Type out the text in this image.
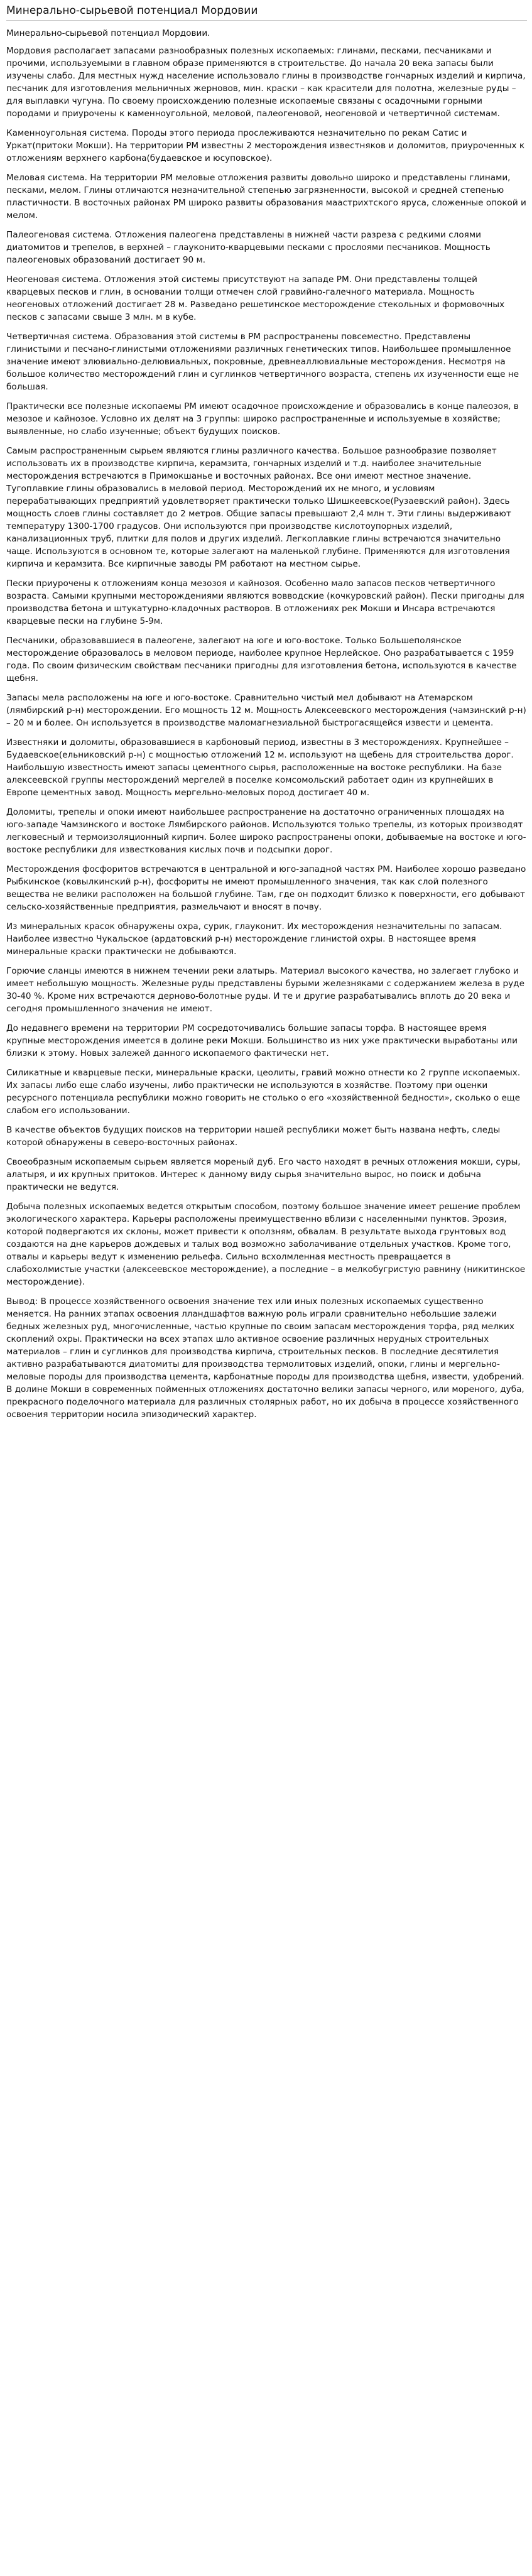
Минерально-сырьевой потенциал Мордовии
Минерально-сырьевой потенциал Мордовии.

Мордовия располагает запасами разнообразных полезных ископаемых: глинами, песками, песчаниками и прочими, используемыми в главном образе применяются в строительстве. До начала 20 века запасы были изучены слабо. Для местных нужд население использовало глины в производстве гончарных изделий и кирпича, песчаник для изготовления мельничных жерновов, мин. краски – как красители для полотна, железные руды – для выплавки чугуна. По своему происхождению полезные ископаемые связаны с осадочными горными породами и приурочены к каменноугольной, меловой, палеогеновой, неогеновой и четвертичной системам.

Каменноугольная система. Породы этого периода прослеживаются незначительно по рекам Сатис и Уркат(притоки Мокши). На территории РМ известны 2 месторождения известняков и доломитов, приуроченных к отложениям верхнего карбона(будаевское и юсуповское).

Меловая система. На территории РМ меловые отложения развиты довольно широко и представлены глинами, песками, мелом. Глины отличаются незначительной степенью загрязненности, высокой и средней степенью пластичности. В восточных районах РМ широко развиты образования маастрихтского яруса, сложенные опокой и мелом.

Палеогеновая система. Отложения палеогена представлены в нижней части разреза с редкими слоями диатомитов и трепелов, в верхней – глауконито-кварцевыми песками с прослоями песчаников. Мощность палеогеновых образований достигает 90 м.

Неогеновая система. Отложения этой системы присутствуют на западе РМ. Они представлены толщей кварцевых песков и глин, в основании толщи отмечен слой гравийно-галечного материала. Мощность неогеновых отложений достигает 28 м. Разведано решетинское месторождение стекольных и формовочных песков с запасами свыше 3 млн. м в кубе.

Четвертичная система. Образования этой системы в РМ распространены повсеместно. Представлены глинистыми и песчано-глинистыми отложениями различных генетических типов. Наибольшее промышленное значение имеют элювиально-делювиальных, покровные, древнеаллювиальные месторождения. Несмотря на большое количество месторождений глин и суглинков четвертичного возраста, степень их изученности еще не большая.

Практически все полезные ископаемы РМ имеют осадочное происхождение и образовались в конце палеозоя, в мезозое и кайнозое. Условно их делят на 3 группы: широко распространенные и используемые в хозяйстве; выявленные, но слабо изученные; объект будущих поисков.

Самым распространенным сырьем являются глины различного качества. Большое разнообразие позволяет использовать их в производстве кирпича, керамзита, гончарных изделий и т.д. наиболее значительные месторождения встречаются в Примокшанье и восточных районах. Все они имеют местное значение. Тугоплавкие глины образовались в меловой период. Месторождений их не много, и условиям перерабатывающих предприятий удовлетворяет практически только Шишкеевское(Рузаевский район). Здесь мощность слоев глины составляет до 2 метров. Общие запасы превышают 2,4 млн т. Эти глины выдерживают температуру 1300-1700 градусов. Они используются при производстве кислотоупорных изделий, канализационных труб, плитки для полов и других изделий. Легкоплавкие глины встречаются значительно чаще. Используются в основном те, которые залегают на маленькой глубине. Применяются для изготовления кирпича и керамзита. Все кирпичные заводы РМ работают на местном сырье.

Пески приурочены к отложениям конца мезозоя и кайнозоя. Особенно мало запасов песков четвертичного возраста. Самыми крупными месторождениями являются вовводские (кочкуровский район). Пески пригодны для производства бетона и штукатурно-кладочных растворов. В отложениях рек Мокши и Инсара встречаются кварцевые пески на глубине 5-9м.

Песчаники, образовавшиеся в палеогене, залегают на юге и юго-востоке. Только Большеполянское месторождение образовалось в меловом периоде, наиболее крупное Нерлейское. Оно разрабатывается с 1959 года. По своим физическим свойствам песчаники пригодны для изготовления бетона, используются в качестве щебня.

Запасы мела расположены на юге и юго-востоке. Сравнительно чистый мел добывают на Атемарском (лямбирский р-н) месторождении. Его мощность 12 м. Мощность Алексеевского месторождения (чамзинский р-н) – 20 м и более. Он используется в производстве маломагнезиальной быстрогасящейся извести и цемента.

Известняки и доломиты, образовавшиеся в карбоновый период, известны в 3 месторождениях. Крупнейшее – Будаевское(ельниковский р-н) с мощностью отложений 12 м. используют на щебень для строительства дорог. Наибольшую известность имеют запасы цементного сырья, расположенные на востоке республики. На базе алексеевской группы месторождений мергелей в поселке комсомольский работает один из крупнейших в Европе цементных завод. Мощность мергельно-меловых пород достигает 40 м.

Доломиты, трепелы и опоки имеют наибольшее распространение на достаточно ограниченных площадях на юго-западе Чамзинского и востоке Лямбирского районов. Используются только трепелы, из которых производят легковесный и термоизоляционный кирпич. Более широко распространены опоки, добываемые на востоке и юго-востоке республики для известкования кислых почв и подсыпки дорог.

Месторождения фосфоритов встречаются в центральной и юго-западной частях РМ. Наиболее хорошо разведано Рыбкинское (ковылкинский р-н), фосфориты не имеют промышленного значения, так как слой полезного вещества не велики расположен на большой глубине. Там, где он подходит близко к поверхности, его добывают сельско-хозяйственные предприятия, размельчают и вносят в почву.

Из минеральных красок обнаружены охра, сурик, глауконит. Их месторождения незначительны по запасам. Наиболее известно Чукальское (ардатовский р-н) месторождение глинистой охры. В настоящее время минеральные краски практически не добываются.

Горючие сланцы имеются в нижнем течении реки алатырь. Материал высокого качества, но залегает глубоко и имеет небольшую мощность. Железные руды представлены бурыми железняками с содержанием железа в руде 30-40 %. Кроме них встречаются дерново-болотные руды. И те и другие разрабатывались вплоть до 20 века и сегодня промышленного значения не имеют.

До недавнего времени на территории РМ сосредоточивались большие запасы торфа. В настоящее время крупные месторождения имеется в долине реки Мокши. Большинство из них уже практически выработаны или близки к этому. Новых залежей данного ископаемого фактически нет.

Силикатные и кварцевые пески, минеральные краски, цеолиты, гравий можно отнести ко 2 группе ископаемых. Их запасы либо еще слабо изучены, либо практически не используются в хозяйстве. Поэтому при оценки ресурсного потенциала республики можно говорить не столько о его «хозяйственной бедности», сколько о еще слабом его использовании.

В качестве объектов будущих поисков на территории нашей республики может быть названа нефть, следы которой обнаружены в северо-восточных районах.

Своеобразным ископаемым сырьем является мореный дуб. Его часто находят в речных отложения мокши, суры, алатыря, и их крупных притоков. Интерес к данному виду сырья значительно вырос, но поиск и добыча практически не ведутся.

Добыча полезных ископаемых ведется открытым способом, поэтому большое значение имеет решение проблем экологического характера. Карьеры расположены преимущественно вблизи с населенными пунктов. Эрозия, которой подвергаются их склоны, может привести к оползням, обвалам. В результате выхода грунтовых вод создаются на дне карьеров дождевых и талых вод возможно заболачивание отдельных участков. Кроме того, отвалы и карьеры ведут к изменению рельефа. Сильно всхолмленная местность превращается в слабохолмистые участки (алексеевское месторождение), а последние – в мелкобугристую равнину (никитинское месторождение).

Вывод: В процессе хозяйственного освоения значение тех или иных полезных ископаемых существенно меняется. На ранних этапах освоения лландшафтов важную роль играли сравнительно небольшие залежи бедных железных руд, многочисленные, частью крупные по своим запасам месторождения торфа, ряд мелких скоплений охры. Практически на всех этапах шло активное освоение различных нерудных строительных материалов – глин и суглинков для производства кирпича, строительных песков. В последние десятилетия активно разрабатываются диатомиты для производства термолитовых изделий, опоки, глины и мергельно-меловые породы для производства цемента, карбонатные породы для производства щебня, извести, удобрений. В долине Мокши в современных пойменных отложениях достаточно велики запасы черного, или мореного, дуба, прекрасного поделочного материала для различных столярных работ, но их добыча в процессе хозяйственного освоения территории носила эпизодический характер.
